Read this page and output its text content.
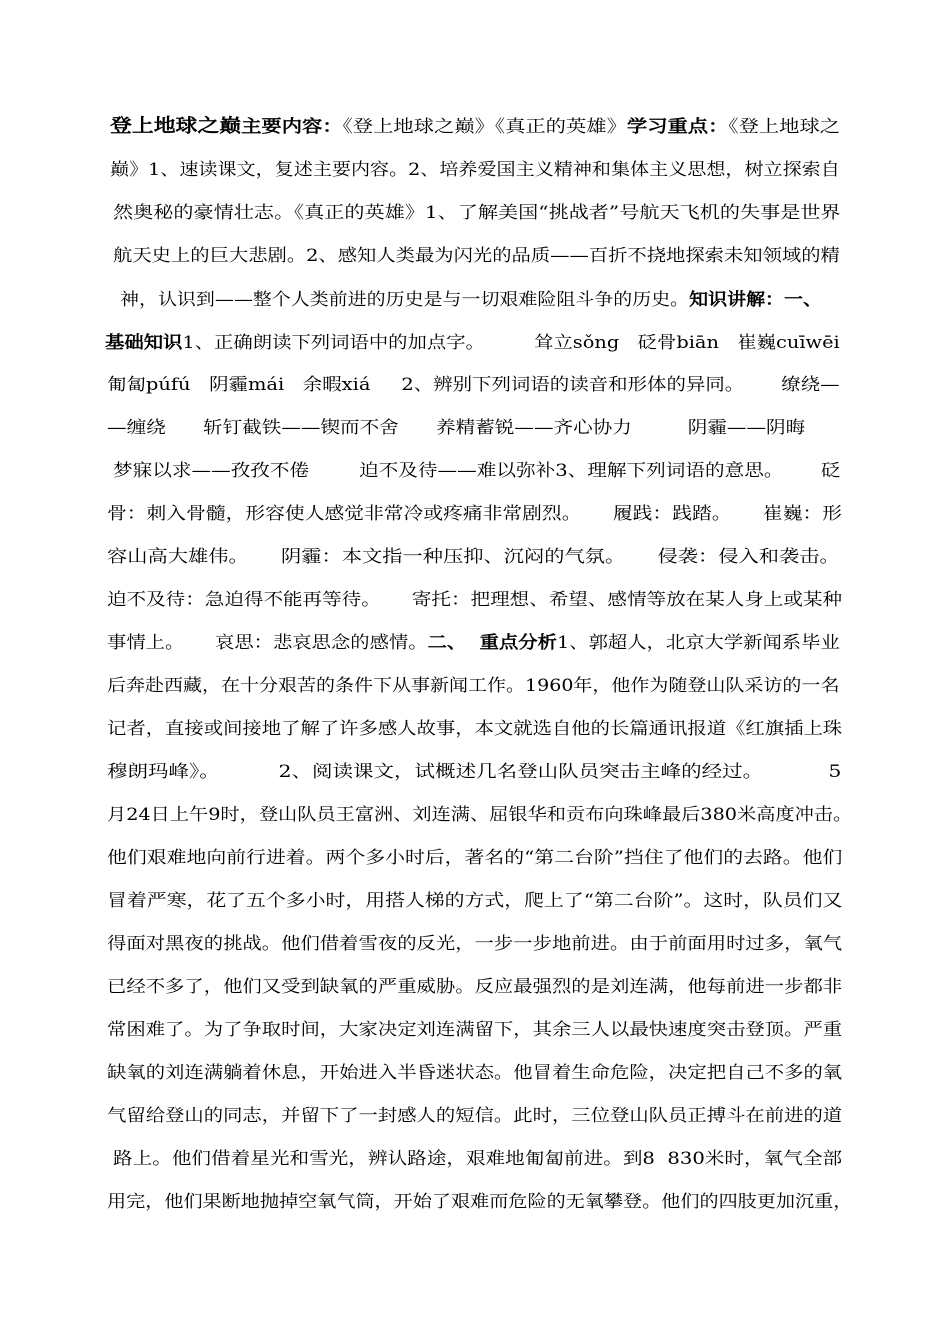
登上地球之巅主要内容：《登上地球之巅》《真正的英雄》学习重点：《登上地球之
巅》1、速读课文，复述主要内容。2、培养爱国主义精神和集体主义思想，树立探索自
然奥秘的豪情壮志。《真正的英雄》1、了解美国“挑战者”号航天飞机的失事是世界
航天史上的巨大悲剧。2、感知人类最为闪光的品质——百折不挠地探索未知领域的精
神，认识到——整个人类前进的历史是与一切艰难险阻斗争的历史。知识讲解：一、
基础知识1、正确朗读下列词语中的加点字。        耸立sǒng   砭骨biān   崔巍cuīwēi
匍匐púfú   阴霾mái   余暇xiá     2、辨别下列词语的读音和形体的异同。      缭绕—
—缠绕      斩钉截铁——锲而不舍      养精蓄锐——齐心协力         阴霾——阴晦
梦寐以求——孜孜不倦        迫不及待——难以弥补3、理解下列词语的意思。      砭
骨：刺入骨髓，形容使人感觉非常冷或疼痛非常剧烈。     履践：践踏。     崔巍：形
容山高大雄伟。     阴霾：本文指一种压抑、沉闷的气氛。     侵袭：侵入和袭击。
迫不及待：急迫得不能再等待。     寄托：把理想、希望、感情等放在某人身上或某种
事情上。     哀思：悲哀思念的感情。二、  重点分析1、郭超人，北京大学新闻系毕业
后奔赴西藏，在十分艰苦的条件下从事新闻工作。1960年，他作为随登山队采访的一名
记者，直接或间接地了解了许多感人故事，本文就选自他的长篇通讯报道《红旗插上珠
穆朗玛峰》。         2、阅读课文，试概述几名登山队员突击主峰的经过。          5
月24日上午9时，登山队员王富洲、刘连满、屈银华和贡布向珠峰最后380米高度冲击。
他们艰难地向前行进着。两个多小时后，著名的“第二台阶”挡住了他们的去路。他们
冒着严寒，花了五个多小时，用搭人梯的方式，爬上了“第二台阶”。这时，队员们又
得面对黑夜的挑战。他们借着雪夜的反光，一步一步地前进。由于前面用时过多，氧气
已经不多了，他们又受到缺氧的严重威胁。反应最强烈的是刘连满，他每前进一步都非
常困难了。为了争取时间，大家决定刘连满留下，其余三人以最快速度突击登顶。严重
缺氧的刘连满躺着休息，开始进入半昏迷状态。他冒着生命危险，决定把自己不多的氧
气留给登山的同志，并留下了一封感人的短信。此时，三位登山队员正搏斗在前进的道
路上。他们借着星光和雪光，辨认路途，艰难地匍匐前进。到8  830米时，氧气全部
用完，他们果断地抛掉空氧气筒，开始了艰难而危险的无氧攀登。他们的四肢更加沉重，
